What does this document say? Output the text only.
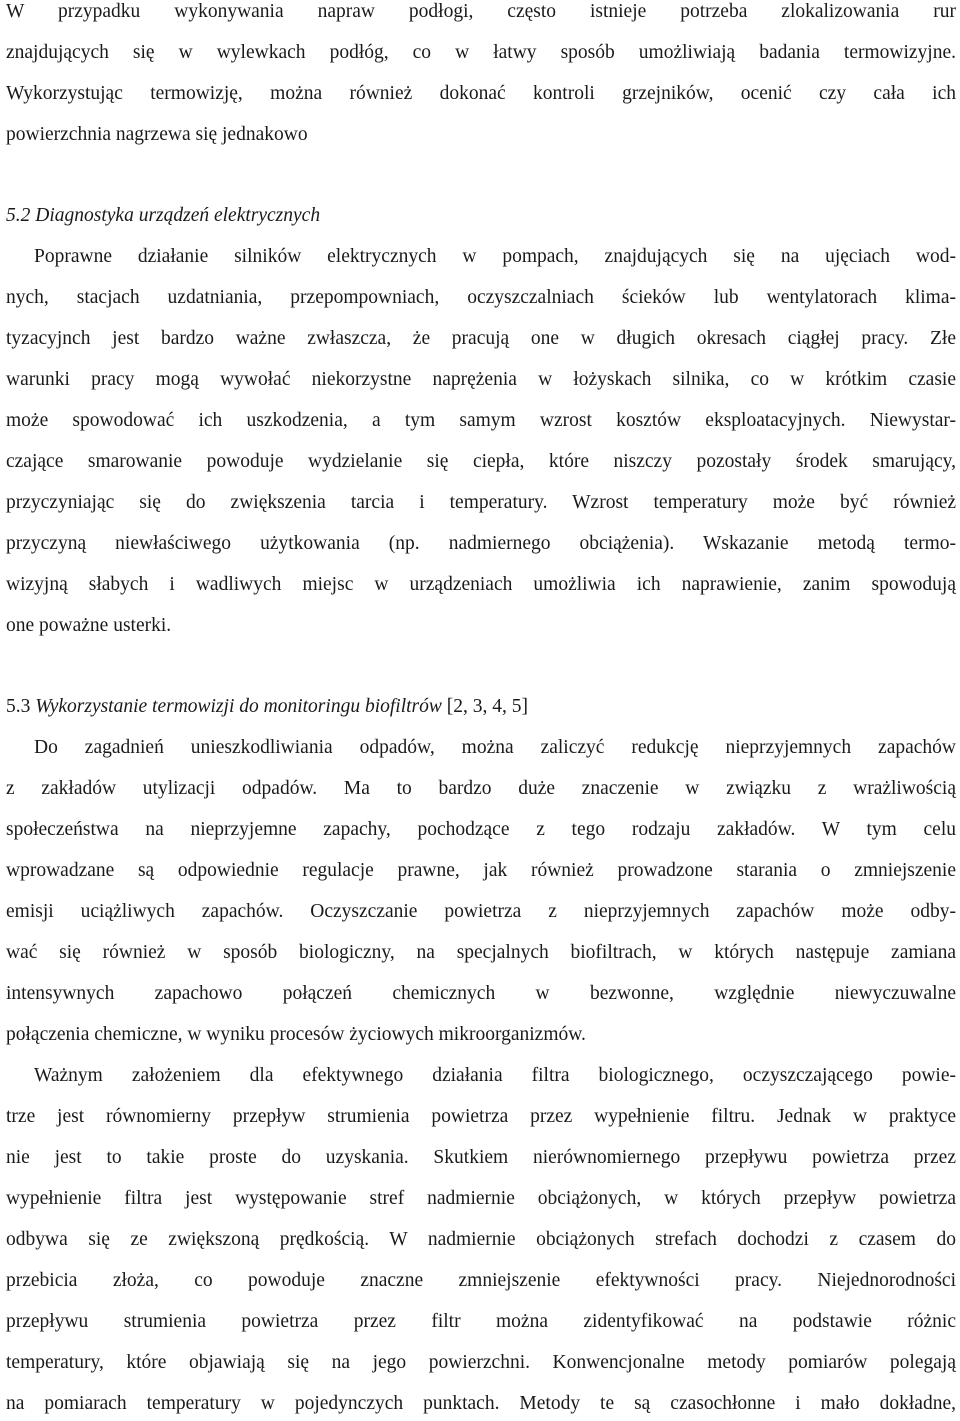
W przypadku wykonywania napraw podłogi, często istnieje potrzeba zlokalizowania rur
znajdujących się w wylewkach podłóg, co w łatwy sposób umożliwiają badania termowizyjne.
Wykorzystując termowizję, można również dokonać kontroli grzejników, ocenić czy cała ich
powierzchnia nagrzewa się jednakowo
5.2 Diagnostyka urządzeń elektrycznych
Poprawne działanie silników elektrycznych w pompach, znajdujących się na ujęciach wod-
nych, stacjach uzdatniania, przepompowniach, oczyszczalniach ścieków lub wentylatorach klima-
tyzacyjnch jest bardzo ważne zwłaszcza, że pracują one w długich okresach ciągłej pracy. Złe
warunki pracy mogą wywołać niekorzystne naprężenia w łożyskach silnika, co w krótkim czasie
może spowodować ich uszkodzenia, a tym samym wzrost kosztów eksploatacyjnych. Niewystar-
czające smarowanie powoduje wydzielanie się ciepła, które niszczy pozostały środek smarujący,
przyczyniając się do zwiększenia tarcia i temperatury. Wzrost temperatury może być również
przyczyną niewłaściwego użytkowania (np. nadmiernego obciążenia). Wskazanie metodą termo-
wizyjną słabych i wadliwych miejsc w urządzeniach umożliwia ich naprawienie, zanim spowodują
one poważne usterki.
5.3 Wykorzystanie termowizji do monitoringu biofiltrów [2, 3, 4, 5]
Do zagadnień unieszkodliwiania odpadów, można zaliczyć redukcję nieprzyjemnych zapachów
z zakładów utylizacji odpadów. Ma to bardzo duże znaczenie w związku z wrażliwością
społeczeństwa na nieprzyjemne zapachy, pochodzące z tego rodzaju zakładów. W tym celu
wprowadzane są odpowiednie regulacje prawne, jak również prowadzone starania o zmniejszenie
emisji uciążliwych zapachów. Oczyszczanie powietrza z nieprzyjemnych zapachów może odby-
wać się również w sposób biologiczny, na specjalnych biofiltrach, w których następuje zamiana
intensywnych zapachowo połączeń chemicznych w bezwonne, względnie niewyczuwalne
połączenia chemiczne, w wyniku procesów życiowych mikroorganizmów.
Ważnym założeniem dla efektywnego działania filtra biologicznego, oczyszczającego powie-
trze jest równomierny przepływ strumienia powietrza przez wypełnienie filtru. Jednak w praktyce
nie jest to takie proste do uzyskania. Skutkiem nierównomiernego przepływu powietrza przez
wypełnienie filtra jest występowanie stref nadmiernie obciążonych, w których przepływ powietrza
odbywa się ze zwiększoną prędkością. W nadmiernie obciążonych strefach dochodzi z czasem do
przebicia złoża, co powoduje znaczne zmniejszenie efektywności pracy. Niejednorodności
przepływu strumienia powietrza przez filtr można zidentyfikować na podstawie różnic
temperatury, które objawiają się na jego powierzchni. Konwencjonalne metody pomiarów polegają
na pomiarach temperatury w pojedynczych punktach. Metody te są czasochłonne i mało dokładne,
